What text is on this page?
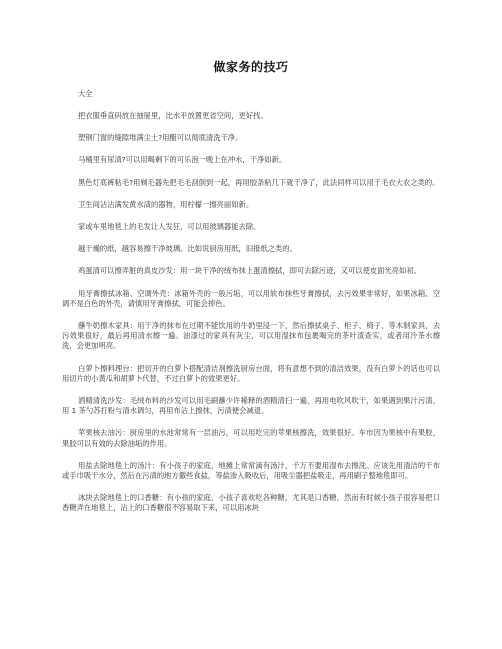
做家务的技巧
大全

把衣服垂直码放在抽屉里，比水平放置更省空间，更好找。

塑钢门窗的缝隙堆满尘土?用醋可以彻底清洗干净。

马桶里有尿渍?可以用喝剩下的可乐泡一晚上在冲水，干净如新。

黑色灯底裤粘毛?用剃毛器先把毛毛刮倒到一起，再用胶条粘几下就干净了，此法同样可以用于毛衣大衣之类的。

卫生间沾沾满发黄水渍的器物，用柠檬一擦亮丽如新。

家或车里地毯上的毛发让人发狂，可以用玻璃器能去除。

越干燥的纸，越容易擦干净玻璃。比如说厨房用纸，旧报纸之类的。

鸡蛋清可以擦弄脏的真皮沙发：用一块干净的绒布抹上蛋清擦拭，即可去除污迹，又可以使皮面光亮如初。

用牙膏擦拭冰箱、空调外壳：冰箱外壳的一般污垢，可以用软布抹些牙膏擦拭，去污效果非常好，如果冰箱、空调不是白色的外壳，请慎用牙膏擦拭，可能会掉色。

蘸牛奶擦木家具：用干净的抹布在过期不能饮用的牛奶里浸一下，然后擦拭桌子、柜子、椅子、等木制家具，去污效果很好，最后再用清水擦一遍。油漆过的家具有灰尘，可以用湿抹布包裹喝完的茶叶渣查实，或者用冷茶水擦洗，会更加明亮。

白萝卜擦料理台：把切开的白萝卜搭配清洁剂擦洗厨房台面，将有意想不到的清洁效果，没有白萝卜的话也可以用切片的小黄瓜和胡萝卜代替，不过白萝卜的效果更好。

酒精清洗沙发：毛绒布料的沙发可以用毛刷蘸少许稀释的酒精清扫一遍，再用电吹风吹干，如果遇到果汁污渍，用 1 茶勺苏打粉与清水调匀，再用布沾上擦抹，污渍便会减退。

苹果核去油污：厨房里的水池常常有一层油污，可以用吃完的苹果核擦洗，效果很好。车市因为果核中有果胶，果胶可以有效的去除油垢的作用。

用盐去除地毯上的汤汁：有小孩子的家庭，地摊上常常滴有汤汁，千万不要用湿布去擦洗。应该先用清洁的干布或手巾吸干水分，然后在污渍的地方撒些食盐，等盐渗入吸收后，用吸尘器把盐吸走，再用刷子整地毯即可。

冰块去除地毯上的口香糖：有小孩的家庭，小孩子喜欢吃各种糖，尤其是口香糖，然而有时候小孩子很容易把口香糖弄在地毯上，沾上的口香糖很不容易取下来，可以用冰块
